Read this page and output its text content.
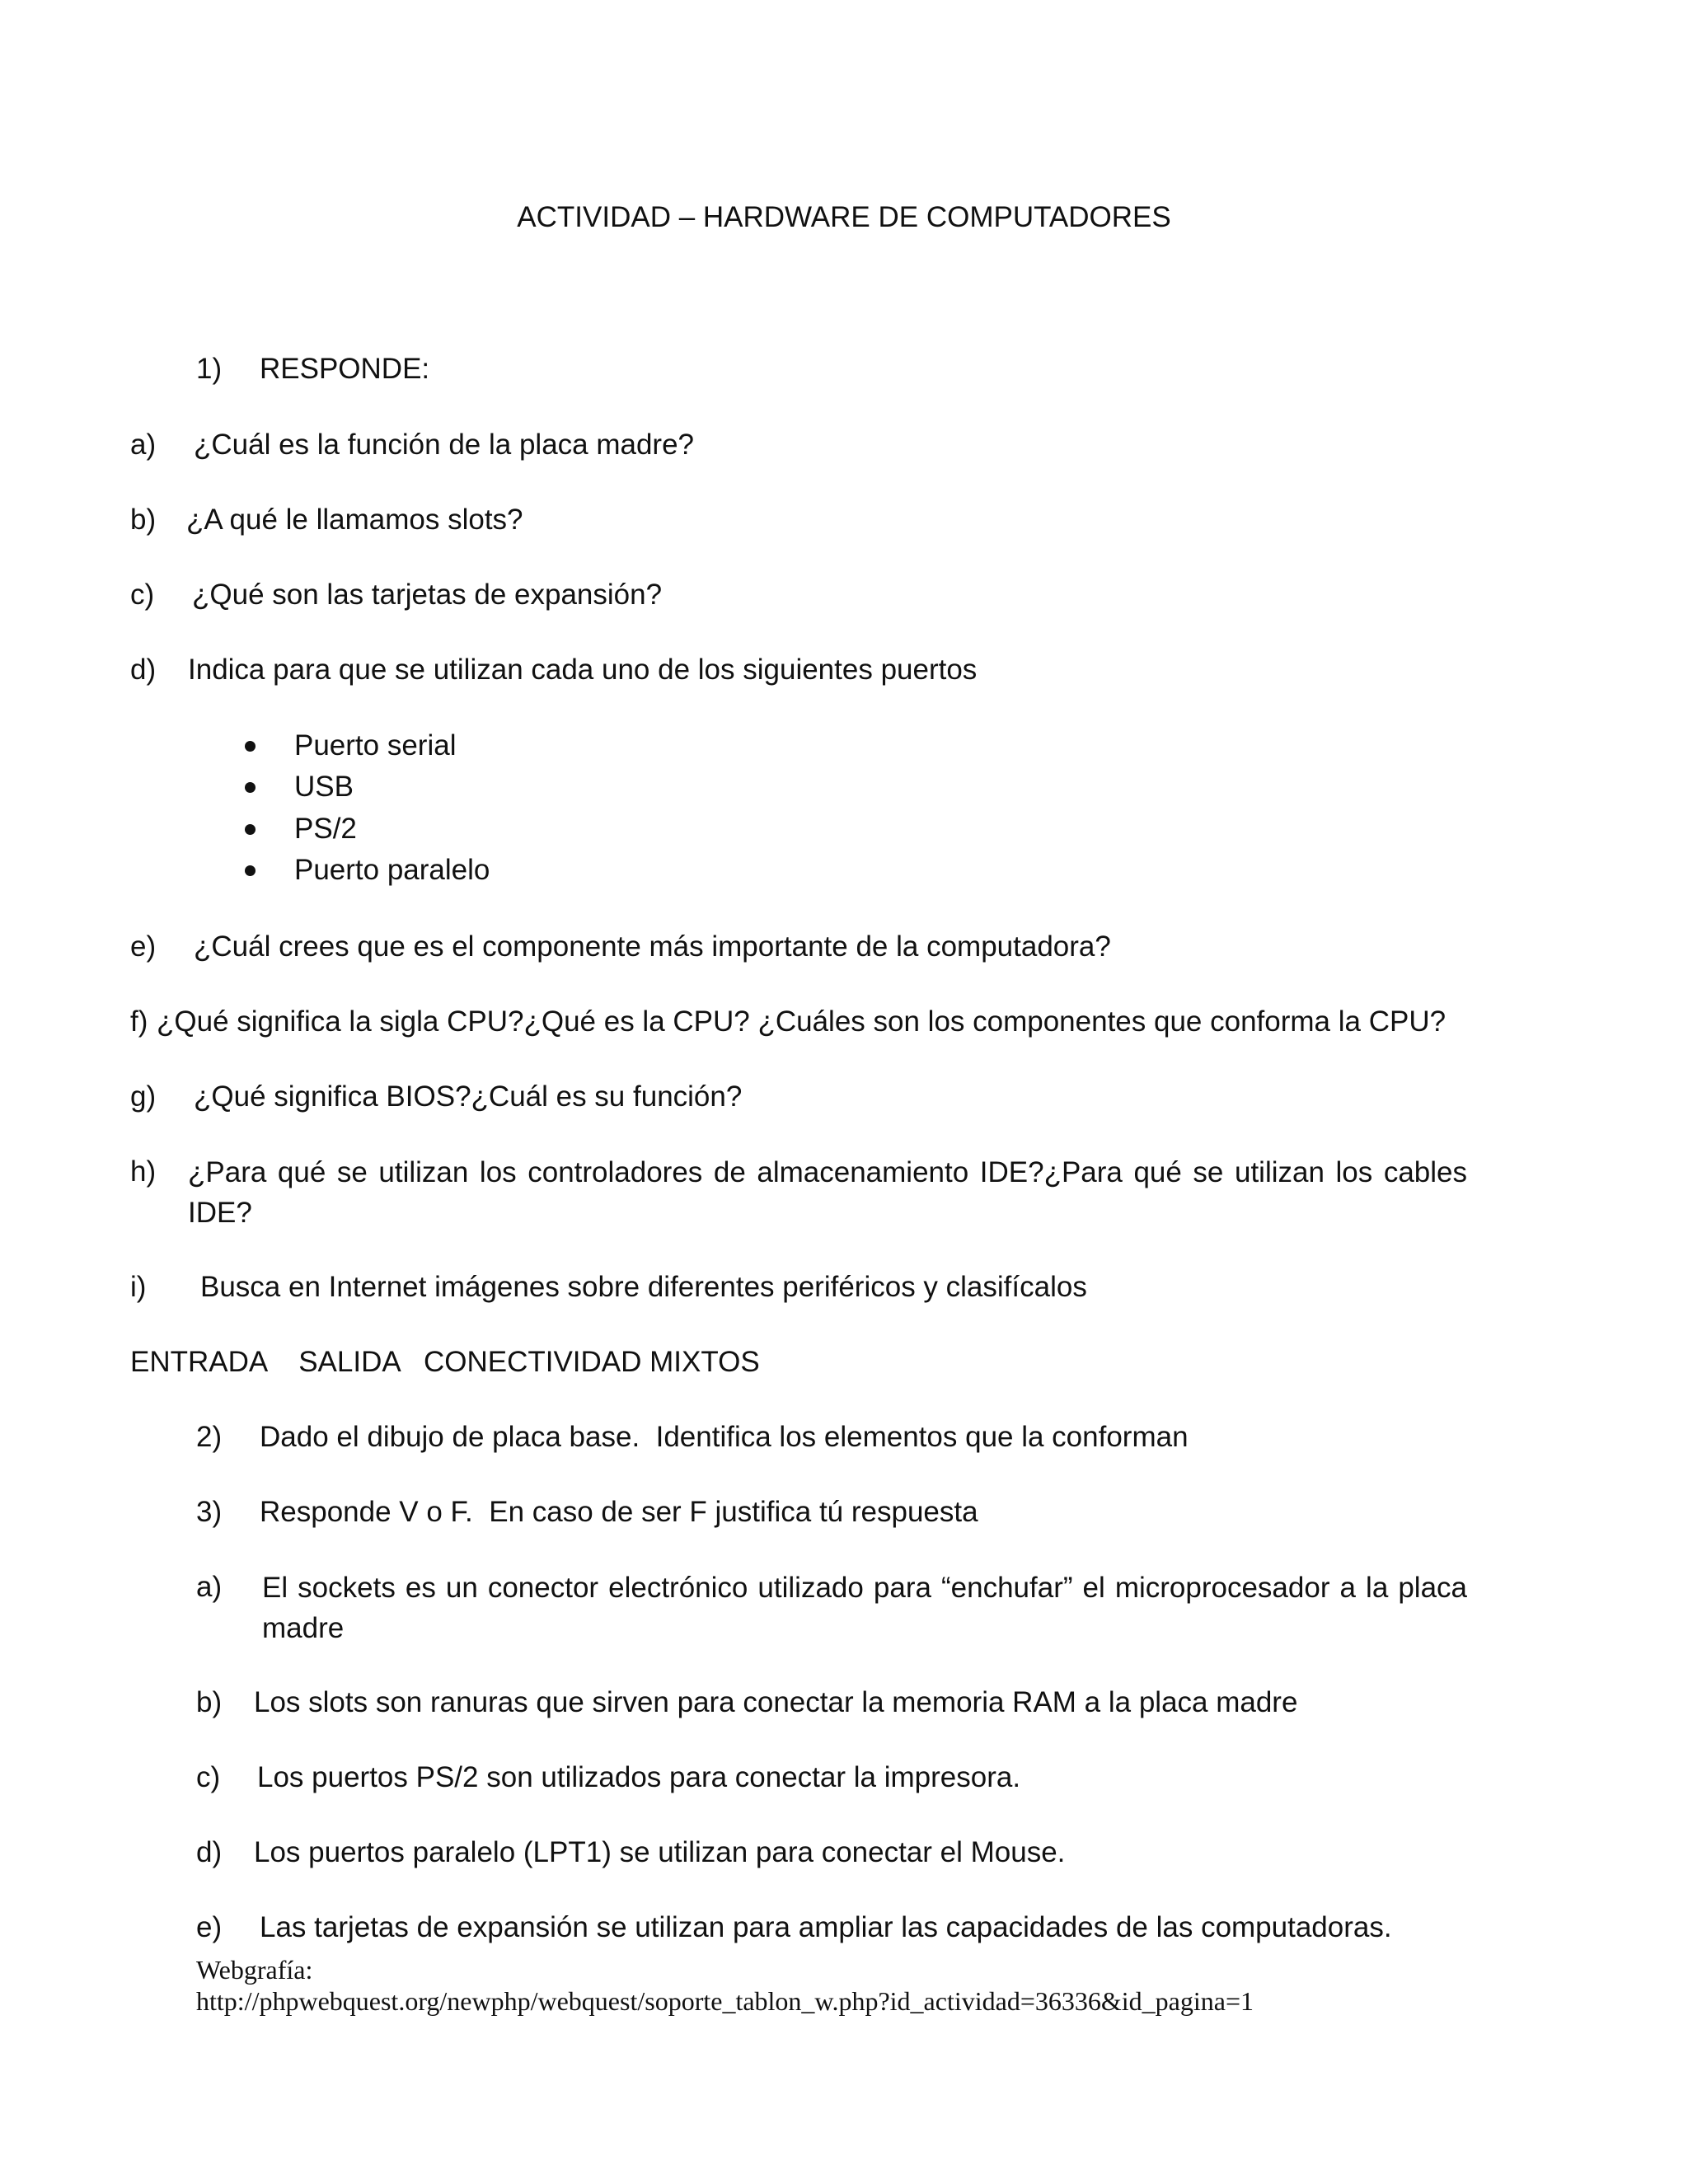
ACTIVIDAD – HARDWARE DE COMPUTADORES
1) RESPONDE:
a) ¿Cuál es la función de la placa madre?
b) ¿A qué le llamamos slots?
c) ¿Qué son las tarjetas de expansión?
d) Indica para que se utilizan cada uno de los siguientes puertos
Puerto serial
USB
PS/2
Puerto paralelo
e) ¿Cuál crees que es el componente más importante de la computadora?
f) ¿Qué significa la sigla CPU?¿Qué es la CPU? ¿Cuáles son los componentes que conforma la CPU?
g) ¿Qué significa BIOS?¿Cuál es su función?
h) ¿Para qué se utilizan los controladores de almacenamiento IDE?¿Para qué se utilizan los cables IDE?
i) Busca en Internet imágenes sobre diferentes periféricos y clasifícalos
ENTRADA    SALIDA   CONECTIVIDAD MIXTOS
2) Dado el dibujo de placa base.  Identifica los elementos que la conforman
3) Responde V o F.  En caso de ser F justifica tú respuesta
a) El sockets es un conector electrónico utilizado para “enchufar” el microprocesador a la placa madre
b) Los slots son ranuras que sirven para conectar la memoria RAM a la placa madre
c) Los puertos PS/2 son utilizados para conectar la impresora.
d) Los puertos paralelo (LPT1) se utilizan para conectar el Mouse.
e) Las tarjetas de expansión se utilizan para ampliar las capacidades de las computadoras.
Webgrafía:
http://phpwebquest.org/newphp/webquest/soporte_tablon_w.php?id_actividad=36336&id_pagina=1
